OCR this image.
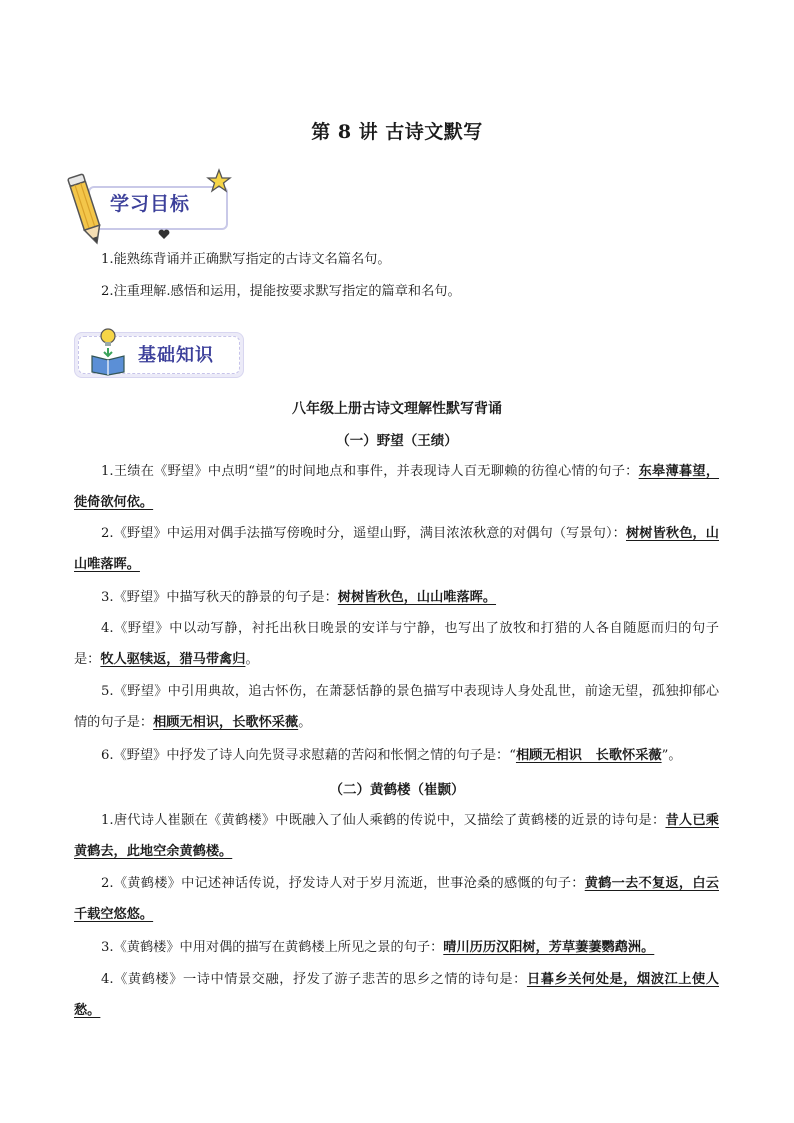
第 8 讲 古诗文默写
学习目标
1.能熟练背诵并正确默写指定的古诗文名篇名句。
2.注重理解.感悟和运用，提能按要求默写指定的篇章和名句。
基础知识
八年级上册古诗文理解性默写背诵
（一）野望（王绩）
1.王绩在《野望》中点明“望”的时间地点和事件，并表现诗人百无聊赖的彷徨心情的句子：东皋薄暮望，徙倚欲何依。
2.《野望》中运用对偶手法描写傍晚时分，遥望山野，满目浓浓秋意的对偶句（写景句）：树树皆秋色，山山唯落晖。
3.《野望》中描写秋天的静景的句子是：树树皆秋色，山山唯落晖。
4.《野望》中以动写静，衬托出秋日晚景的安详与宁静，也写出了放牧和打猎的人各自随愿而归的句子是：牧人驱犊返，猎马带禽归。
5.《野望》中引用典故，追古怀伤，在萧瑟恬静的景色描写中表现诗人身处乱世，前途无望，孤独抑郁心情的句子是：相顾无相识，长歌怀采薇。
6.《野望》中抒发了诗人向先贤寻求慰藉的苦闷和怅惘之情的句子是：“相顾无相识   长歌怀采薇”。
（二）黄鹤楼（崔颢）
1.唐代诗人崔颢在《黄鹤楼》中既融入了仙人乘鹤的传说中，又描绘了黄鹤楼的近景的诗句是：昔人已乘黄鹤去，此地空余黄鹤楼。
2.《黄鹤楼》中记述神话传说，抒发诗人对于岁月流逝，世事沧桑的感慨的句子：黄鹤一去不复返，白云千载空悠悠。
3.《黄鹤楼》中用对偶的描写在黄鹤楼上所见之景的句子：晴川历历汉阳树，芳草萋萋鹦鹉洲。
4.《黄鹤楼》一诗中情景交融，抒发了游子悲苦的思乡之情的诗句是：日暮乡关何处是，烟波江上使人愁。
